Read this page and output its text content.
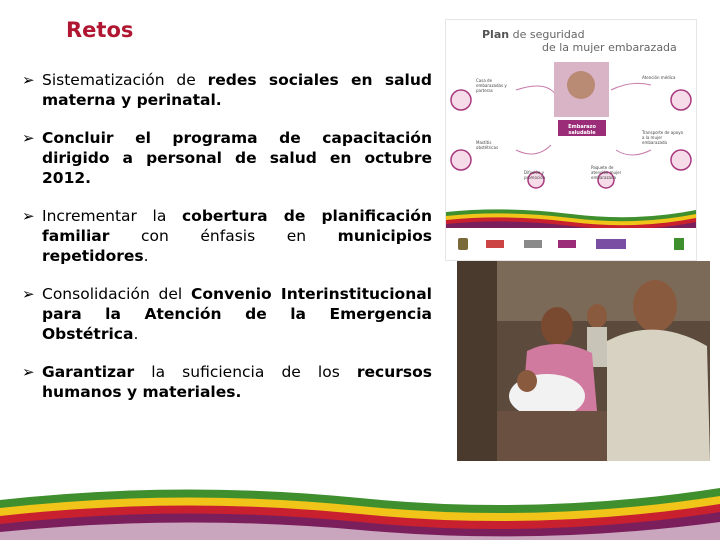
Retos
➢ Sistematización de redes sociales en salud materna y perinatal.
➢ Concluir el programa de capacitación dirigido a personal de salud en octubre 2012.
➢ Incrementar la cobertura de planificación familiar con énfasis en municipios repetidores.
➢ Consolidación del Convenio Interinstitucional para la Atención de la Emergencia Obstétrica.
➢ Garantizar la suficiencia de los recursos humanos y materiales.
Plan de seguridad
de la mujer embarazada
Embarazo saludable
Casa de embarazadas y parteras
Atención médica
Mastitis obstétricas
Transporte de apoyo a la mujer embarazada
Difusión y promoción
Paquete de atención mujer embarazada
